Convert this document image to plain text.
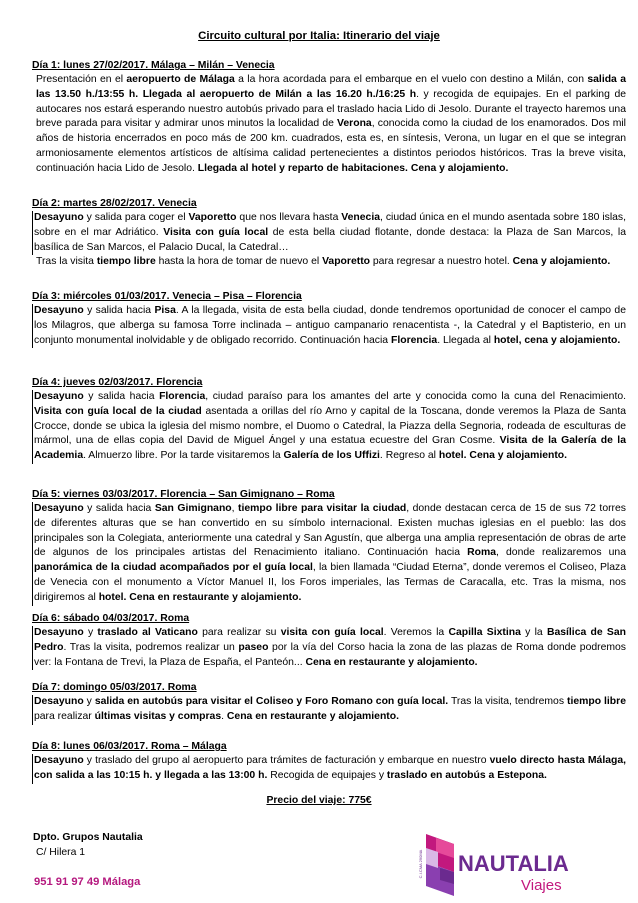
Circuito cultural por Italia: Itinerario del viaje
Día 1: lunes 27/02/2017. Málaga – Milán – Venecia
Presentación en el aeropuerto de Málaga a la hora acordada para el embarque en el vuelo con destino a Milán, con salida a las 13.50 h./13:55 h. Llegada al aeropuerto de Milán a las 16.20 h./16:25 h. y recogida de equipajes. En el parking de autocares nos estará esperando nuestro autobús privado para el traslado hacia Lido di Jesolo. Durante el trayecto haremos una breve parada para visitar y admirar unos minutos la localidad de Verona, conocida como la ciudad de los enamorados. Dos mil años de historia encerrados en poco más de 200 km. cuadrados, esta es, en síntesis, Verona, un lugar en el que se integran armoniosamente elementos artísticos de altísima calidad pertenecientes a distintos periodos históricos. Tras la breve visita, continuación hacia Lido de Jesolo. Llegada al hotel y reparto de habitaciones. Cena y alojamiento.
Día 2: martes 28/02/2017. Venecia
Desayuno y salida para coger el Vaporetto que nos llevara hasta Venecia, ciudad única en el mundo asentada sobre 180 islas, sobre en el mar Adriático. Visita con guía local de esta bella ciudad flotante, donde destaca: la Plaza de San Marcos, la basílica de San Marcos, el Palacio Ducal, la Catedral…
Tras la visita tiempo libre hasta la hora de tomar de nuevo el Vaporetto para regresar a nuestro hotel. Cena y alojamiento.
Día 3: miércoles 01/03/2017. Venecia – Pisa – Florencia
Desayuno y salida hacia Pisa. A la llegada, visita de esta bella ciudad, donde tendremos oportunidad de conocer el campo de los Milagros, que alberga su famosa Torre inclinada – antiguo campanario renacentista -, la Catedral y el Baptisterio, en un conjunto monumental inolvidable y de obligado recorrido. Continuación hacia Florencia. Llegada al hotel, cena y alojamiento.
Día 4: jueves 02/03/2017. Florencia
Desayuno y salida hacia Florencia, ciudad paraíso para los amantes del arte y conocida como la cuna del Renacimiento. Visita con guía local de la ciudad asentada a orillas del río Arno y capital de la Toscana, donde veremos la Plaza de Santa Crocce, donde se ubica la iglesia del mismo nombre, el Duomo o Catedral, la Piazza della Segnoria, rodeada de esculturas de mármol, una de ellas copia del David de Miguel Ángel y una estatua ecuestre del Gran Cosme. Visita de la Galería de la Academia. Almuerzo libre. Por la tarde visitaremos la Galería de los Uffizi. Regreso al hotel. Cena y alojamiento.
Día 5: viernes 03/03/2017. Florencia – San Gimignano – Roma
Desayuno y salida hacia San Gimignano, tiempo libre para visitar la ciudad, donde destacan cerca de 15 de sus 72 torres de diferentes alturas que se han convertido en su símbolo internacional. Existen muchas iglesias en el pueblo: las dos principales son la Colegiata, anteriormente una catedral y San Agustín, que alberga una amplia representación de obras de arte de algunos de los principales artistas del Renacimiento italiano. Continuación hacia Roma, donde realizaremos una panorámica de la ciudad acompañados por el guía local, la bien llamada “Ciudad Eterna”, donde veremos el Coliseo, Plaza de Venecia con el monumento a Víctor Manuel II, los Foros imperiales, las Termas de Caracalla, etc. Tras la misma, nos dirigiremos al hotel. Cena en restaurante y alojamiento.
Día 6: sábado 04/03/2017. Roma
Desayuno y traslado al Vaticano para realizar su visita con guía local. Veremos la Capilla Sixtina y la Basílica de San Pedro. Tras la visita, podremos realizar un paseo por la vía del Corso hacia la zona de las plazas de Roma donde podremos ver: la Fontana de Trevi, la Plaza de España, el Panteón... Cena en restaurante y alojamiento.
Día 7: domingo 05/03/2017. Roma
Desayuno y salida en autobús para visitar el Coliseo y Foro Romano con guía local. Tras la visita, tendremos tiempo libre para realizar últimas visitas y compras. Cena en restaurante y alojamiento.
Día 8: lunes 06/03/2017. Roma – Málaga
Desayuno y traslado del grupo al aeropuerto para trámites de facturación y embarque en nuestro vuelo directo hasta Málaga, con salida a las 10:15 h. y llegada a las 13:00 h. Recogida de equipajes y traslado en autobús a Estepona.
Precio del viaje: 775€
Dpto. Grupos Nautalia
C/ Hilera 1
951 91 97 49 Málaga
C.I.CMA 290MA NAUTALIA
Viajes
